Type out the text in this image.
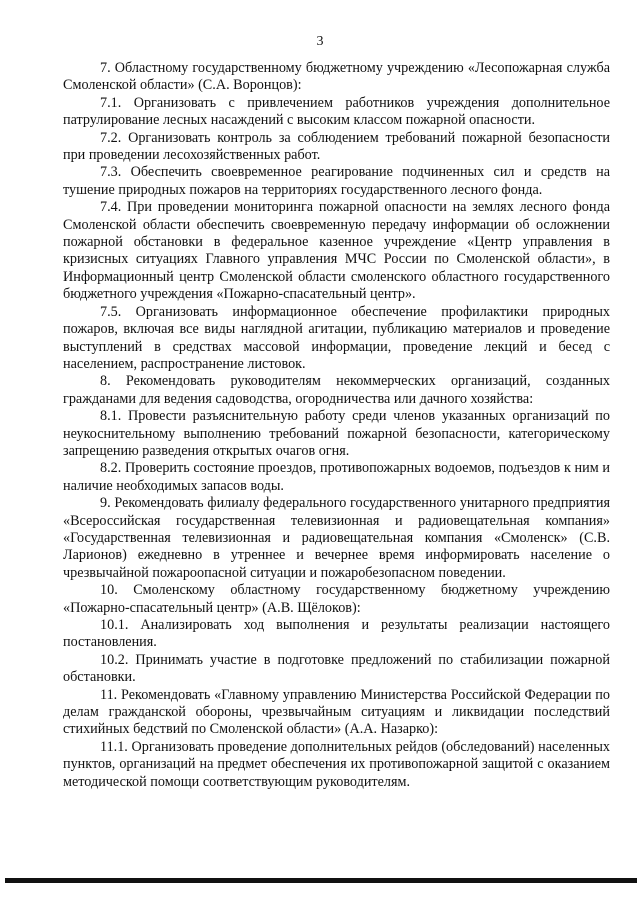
3

7. Областному государственному бюджетному учреждению «Лесопожарная служба Смоленской области» (С.А. Воронцов):

7.1. Организовать с привлечением работников учреждения дополнительное патрулирование лесных насаждений с высоким классом пожарной опасности.

7.2. Организовать контроль за соблюдением требований пожарной безопасности при проведении лесохозяйственных работ.

7.3. Обеспечить своевременное реагирование подчиненных сил и средств на тушение природных пожаров на территориях государственного лесного фонда.

7.4. При проведении мониторинга пожарной опасности на землях лесного фонда Смоленской области обеспечить своевременную передачу информации об осложнении пожарной обстановки в федеральное казенное учреждение «Центр управления в кризисных ситуациях Главного управления МЧС России по Смоленской области», в Информационный центр Смоленской области смоленского областного государственного бюджетного учреждения «Пожарно-спасательный центр».

7.5. Организовать информационное обеспечение профилактики природных пожаров, включая все виды наглядной агитации, публикацию материалов и проведение выступлений в средствах массовой информации, проведение лекций и бесед с населением, распространение листовок.

8. Рекомендовать руководителям некоммерческих организаций, созданных гражданами для ведения садоводства, огородничества или дачного хозяйства:

8.1. Провести разъяснительную работу среди членов указанных организаций по неукоснительному выполнению требований пожарной безопасности, категорическому запрещению разведения открытых очагов огня.

8.2. Проверить состояние проездов, противопожарных водоемов, подъездов к ним и наличие необходимых запасов воды.

9. Рекомендовать филиалу федерального государственного унитарного предприятия «Всероссийская государственная телевизионная и радиовещательная компания» «Государственная телевизионная и радиовещательная компания «Смоленск» (С.В. Ларионов) ежедневно в утреннее и вечернее время информировать население о чрезвычайной пожароопасной ситуации и пожаробезопасном поведении.

10. Смоленскому областному государственному бюджетному учреждению «Пожарно-спасательный центр» (А.В. Щёлоков):

10.1. Анализировать ход выполнения и результаты реализации настоящего постановления.

10.2. Принимать участие в подготовке предложений по стабилизации пожарной обстановки.

11. Рекомендовать «Главному управлению Министерства Российской Федерации по делам гражданской обороны, чрезвычайным ситуациям и ликвидации последствий стихийных бедствий по Смоленской области» (А.А. Назарко):

11.1. Организовать проведение дополнительных рейдов (обследований) населенных пунктов, организаций на предмет обеспечения их противопожарной защитой с оказанием методической помощи соответствующим руководителям.
